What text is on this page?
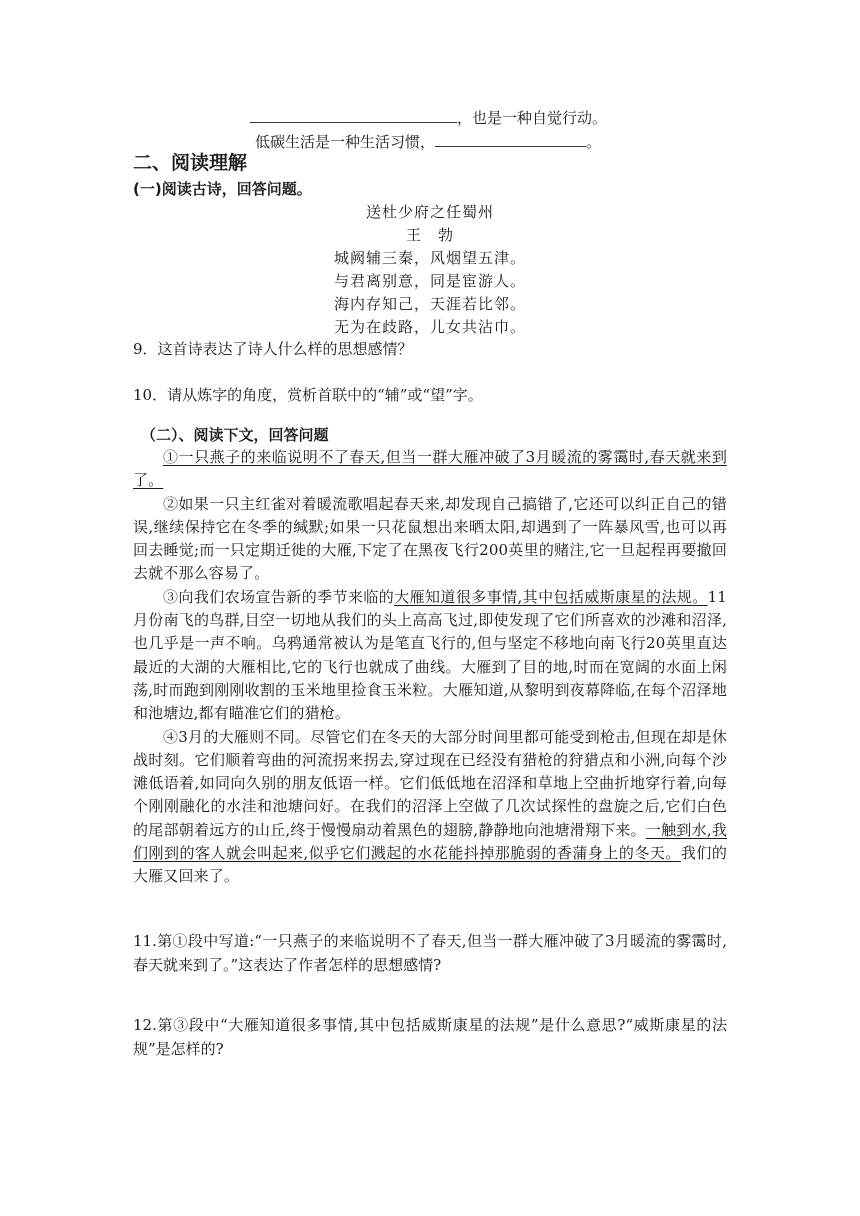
，也是一种自觉行动。
低碳生活是一种生活习惯，	。
二、阅读理解
(一)阅读古诗，回答问题。
送杜少府之任蜀州
王　勃
城阙辅三秦，风烟望五津。
与君离别意，同是宦游人。
海内存知己，天涯若比邻。
无为在歧路，儿女共沾巾。
9．这首诗表达了诗人什么样的思想感情？
10．请从炼字的角度，赏析首联中的“辅”或“望”字。
（二）、阅读下文，回答问题

①一只燕子的来临说明不了春天,但当一群大雁冲破了3月暖流的雾霭时,春天就来到了。

②如果一只主红雀对着暖流歌唱起春天来,却发现自己搞错了,它还可以纠正自己的错误,继续保持它在冬季的缄默;如果一只花鼠想出来晒太阳,却遇到了一阵暴风雪,也可以再回去睡觉;而一只定期迁徙的大雁,下定了在黑夜飞行200英里的赌注,它一旦起程再要撤回去就不那么容易了。

③向我们农场宣告新的季节来临的大雁知道很多事情,其中包括威斯康星的法规。11月份南飞的鸟群,目空一切地从我们的头上高高飞过,即使发现了它们所喜欢的沙滩和沼泽,也几乎是一声不响。乌鸦通常被认为是笔直飞行的,但与坚定不移地向南飞行20英里直达最近的大湖的大雁相比,它的飞行也就成了曲线。大雁到了目的地,时而在宽阔的水面上闲荡,时而跑到刚刚收割的玉米地里捡食玉米粒。大雁知道,从黎明到夜幕降临,在每个沼泽地和池塘边,都有瞄准它们的猎枪。

④3月的大雁则不同。尽管它们在冬天的大部分时间里都可能受到枪击,但现在却是休战时刻。它们顺着弯曲的河流拐来拐去,穿过现在已经没有猎枪的狩猎点和小洲,向每个沙滩低语着,如同向久别的朋友低语一样。它们低低地在沼泽和草地上空曲折地穿行着,向每个刚刚融化的水洼和池塘问好。在我们的沼泽上空做了几次试探性的盘旋之后,它们白色的尾部朝着远方的山丘,终于慢慢扇动着黑色的翅膀,静静地向池塘滑翔下来。一触到水,我们刚到的客人就会叫起来,似乎它们溅起的水花能抖掉那脆弱的香蒲身上的冬天。我们的大雁又回来了。

11.第①段中写道:“一只燕子的来临说明不了春天,但当一群大雁冲破了3月暖流的雾霭时,春天就来到了。”这表达了作者怎样的思想感情?
12.第③段中“大雁知道很多事情,其中包括威斯康星的法规”是什么意思?“威斯康星的法规”是怎样的?
